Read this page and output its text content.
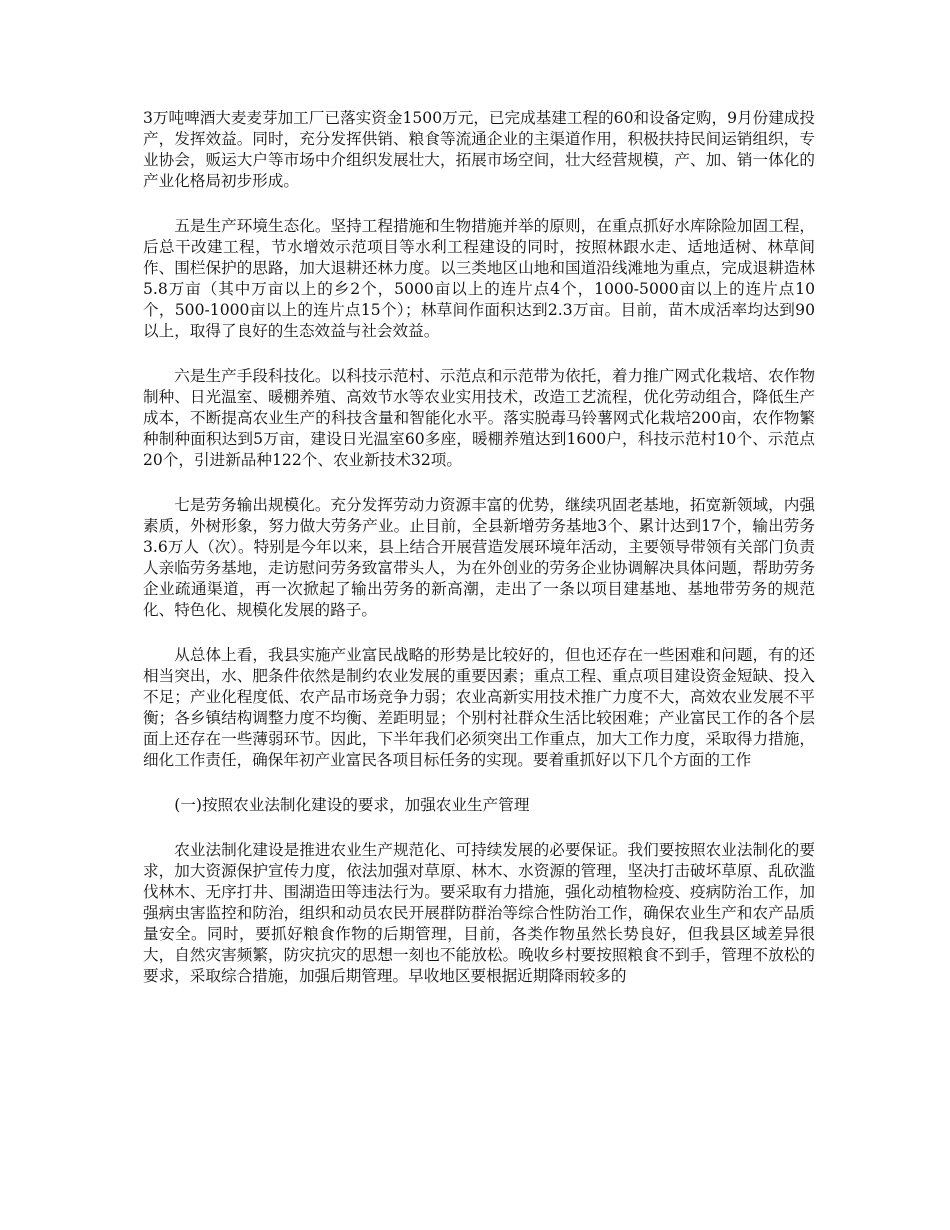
3万吨啤酒大麦麦芽加工厂已落实资金1500万元，已完成基建工程的60和设备定购，9月份建成投产，发挥效益。同时，充分发挥供销、粮食等流通企业的主渠道作用，积极扶持民间运销组织，专业协会，贩运大户等市场中介组织发展壮大，拓展市场空间，壮大经营规模，产、加、销一体化的产业化格局初步形成。

五是生产环境生态化。坚持工程措施和生物措施并举的原则，在重点抓好水库除险加固工程，后总干改建工程，节水增效示范项目等水利工程建设的同时，按照林跟水走、适地适树、林草间作、围栏保护的思路，加大退耕还林力度。以三类地区山地和国道沿线滩地为重点，完成退耕造林5.8万亩（其中万亩以上的乡2个，5000亩以上的连片点4个，1000-5000亩以上的连片点10个，500-1000亩以上的连片点15个）；林草间作面积达到2.3万亩。目前，苗木成活率均达到90以上，取得了良好的生态效益与社会效益。

六是生产手段科技化。以科技示范村、示范点和示范带为依托，着力推广网式化栽培、农作物制种、日光温室、暖棚养殖、高效节水等农业实用技术，改造工艺流程，优化劳动组合，降低生产成本，不断提高农业生产的科技含量和智能化水平。落实脱毒马铃薯网式化栽培200亩，农作物繁种制种面积达到5万亩，建设日光温室60多座，暖棚养殖达到1600户，科技示范村10个、示范点20个，引进新品种122个、农业新技术32项。

七是劳务输出规模化。充分发挥劳动力资源丰富的优势，继续巩固老基地，拓宽新领域，内强素质，外树形象，努力做大劳务产业。止目前，全县新增劳务基地3个、累计达到17个，输出劳务3.6万人（次）。特别是今年以来，县上结合开展营造发展环境年活动，主要领导带领有关部门负责人亲临劳务基地，走访慰问劳务致富带头人，为在外创业的劳务企业协调解决具体问题，帮助劳务企业疏通渠道，再一次掀起了输出劳务的新高潮，走出了一条以项目建基地、基地带劳务的规范化、特色化、规模化发展的路子。

从总体上看，我县实施产业富民战略的形势是比较好的，但也还存在一些困难和问题，有的还相当突出，水、肥条件依然是制约农业发展的重要因素；重点工程、重点项目建设资金短缺、投入不足；产业化程度低、农产品市场竞争力弱；农业高新实用技术推广力度不大，高效农业发展不平衡；各乡镇结构调整力度不均衡、差距明显；个别村社群众生活比较困难；产业富民工作的各个层面上还存在一些薄弱环节。因此，下半年我们必须突出工作重点，加大工作力度，采取得力措施，细化工作责任，确保年初产业富民各项目标任务的实现。要着重抓好以下几个方面的工作

(一)按照农业法制化建设的要求，加强农业生产管理

农业法制化建设是推进农业生产规范化、可持续发展的必要保证。我们要按照农业法制化的要求，加大资源保护宣传力度，依法加强对草原、林木、水资源的管理，坚决打击破坏草原、乱砍滥伐林木、无序打井、围湖造田等违法行为。要采取有力措施，强化动植物检疫、疫病防治工作，加强病虫害监控和防治，组织和动员农民开展群防群治等综合性防治工作，确保农业生产和农产品质量安全。同时，要抓好粮食作物的后期管理，目前，各类作物虽然长势良好，但我县区域差异很大，自然灾害频繁，防灾抗灾的思想一刻也不能放松。晚收乡村要按照粮食不到手，管理不放松的要求，采取综合措施，加强后期管理。早收地区要根据近期降雨较多的
